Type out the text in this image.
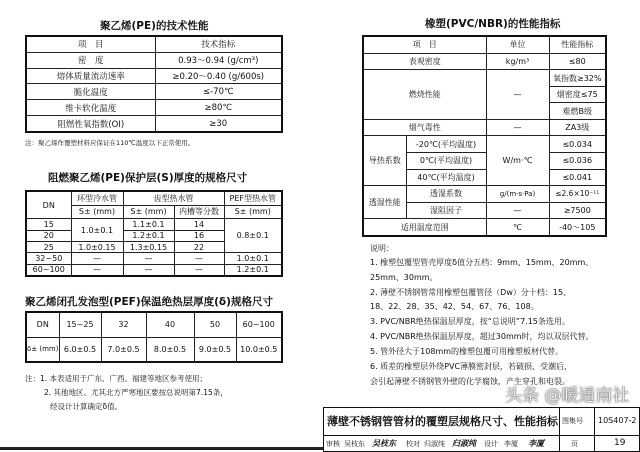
聚乙烯(PE)的技术性能
项　目	技术指标
密　度	0.93～0.94 (g/cm³)
熔体质量流动速率	≥0.20～0.40 (g/600s)
脆化温度	≤-70℃
维卡软化温度	≥80℃
阻燃性氧指数(OI)	≥30
注：聚乙烯作覆塑材料应保证在110℃温度以下正常使用。
阻燃聚乙烯(PE)保护层(S)厚度的规格尺寸
DN	环型冷水管	齿型热水管		PEF型热水管
	S± (mm)	S± (mm)	内槽等分数	S± (mm)
15	1.0±0.1	1.1±0.1	14	0.8±0.1
20		1.2±0.1	16	
25	1.0±0.15	1.3±0.15	22	
32~50	—	—	—	1.0±0.1
60~100	—	—	—	1.2±0.1
聚乙烯闭孔发泡型(PEF)保温绝热层厚度(δ)规格尺寸
DN	15~25	32	40	50	60~100
δ± (mm)	6.0±0.5	7.0±0.5	8.0±0.5	9.0±0.5	10.0±0.5
注：1. 本表适用于广东、广西、福建等地区参考使用；
2. 其他地区、尤其北方严寒地区要按总说明第7.15条，
经设计计算确定δ值。
橡塑(PVC/NBR)的性能指标
项　目		单位	性能指标
表观密度		kg/m³	≤80
燃烧性能		—	氧指数≥32%
			烟密度≤75
			难燃B级
烟气毒性		—	ZA3级
导热系数	-20℃(平均温度)	W/m·℃	≤0.034
	0℃(平均温度)		≤0.036
	40℃(平均温度)		≤0.041
透湿性能	透湿系数	g/(m·s·Pa)	≤2.6×10⁻¹¹
	湿阻因子	—	≥7500
适用温度范围		℃	-40～105
说明：
1. 橡塑包覆型管壳厚度δ值分五档：9mm、15mm、20mm、
25mm、30mm。
2. 薄壁不锈钢管常用橡塑包覆管径（Dw）分十档：15、
18、22、28、35、42、54、67、76、108。
3. PVC/NBR绝热保温层厚度，按“总说明”7.15条选用。
4. PVC/NBR绝热保温层厚度，超过30mm时，均以双层代替。
5. 管外径大于108mm的橡塑包覆可用橡塑板材代替。
6. 质差的橡塑层外绕PVC薄膜密封层，若破损、受潮后，
会引起薄壁不锈钢管外壁的化学腐蚀，产生穿孔和电裂。
薄壁不锈钢管管材的覆塑层规格尺寸、性能指标 图集号 10S407-2
审核 吴枝东 吴枝东 校对 归淑纯 归淑纯 设计 李厦 李厦	页	19
头条 @暖通南社
